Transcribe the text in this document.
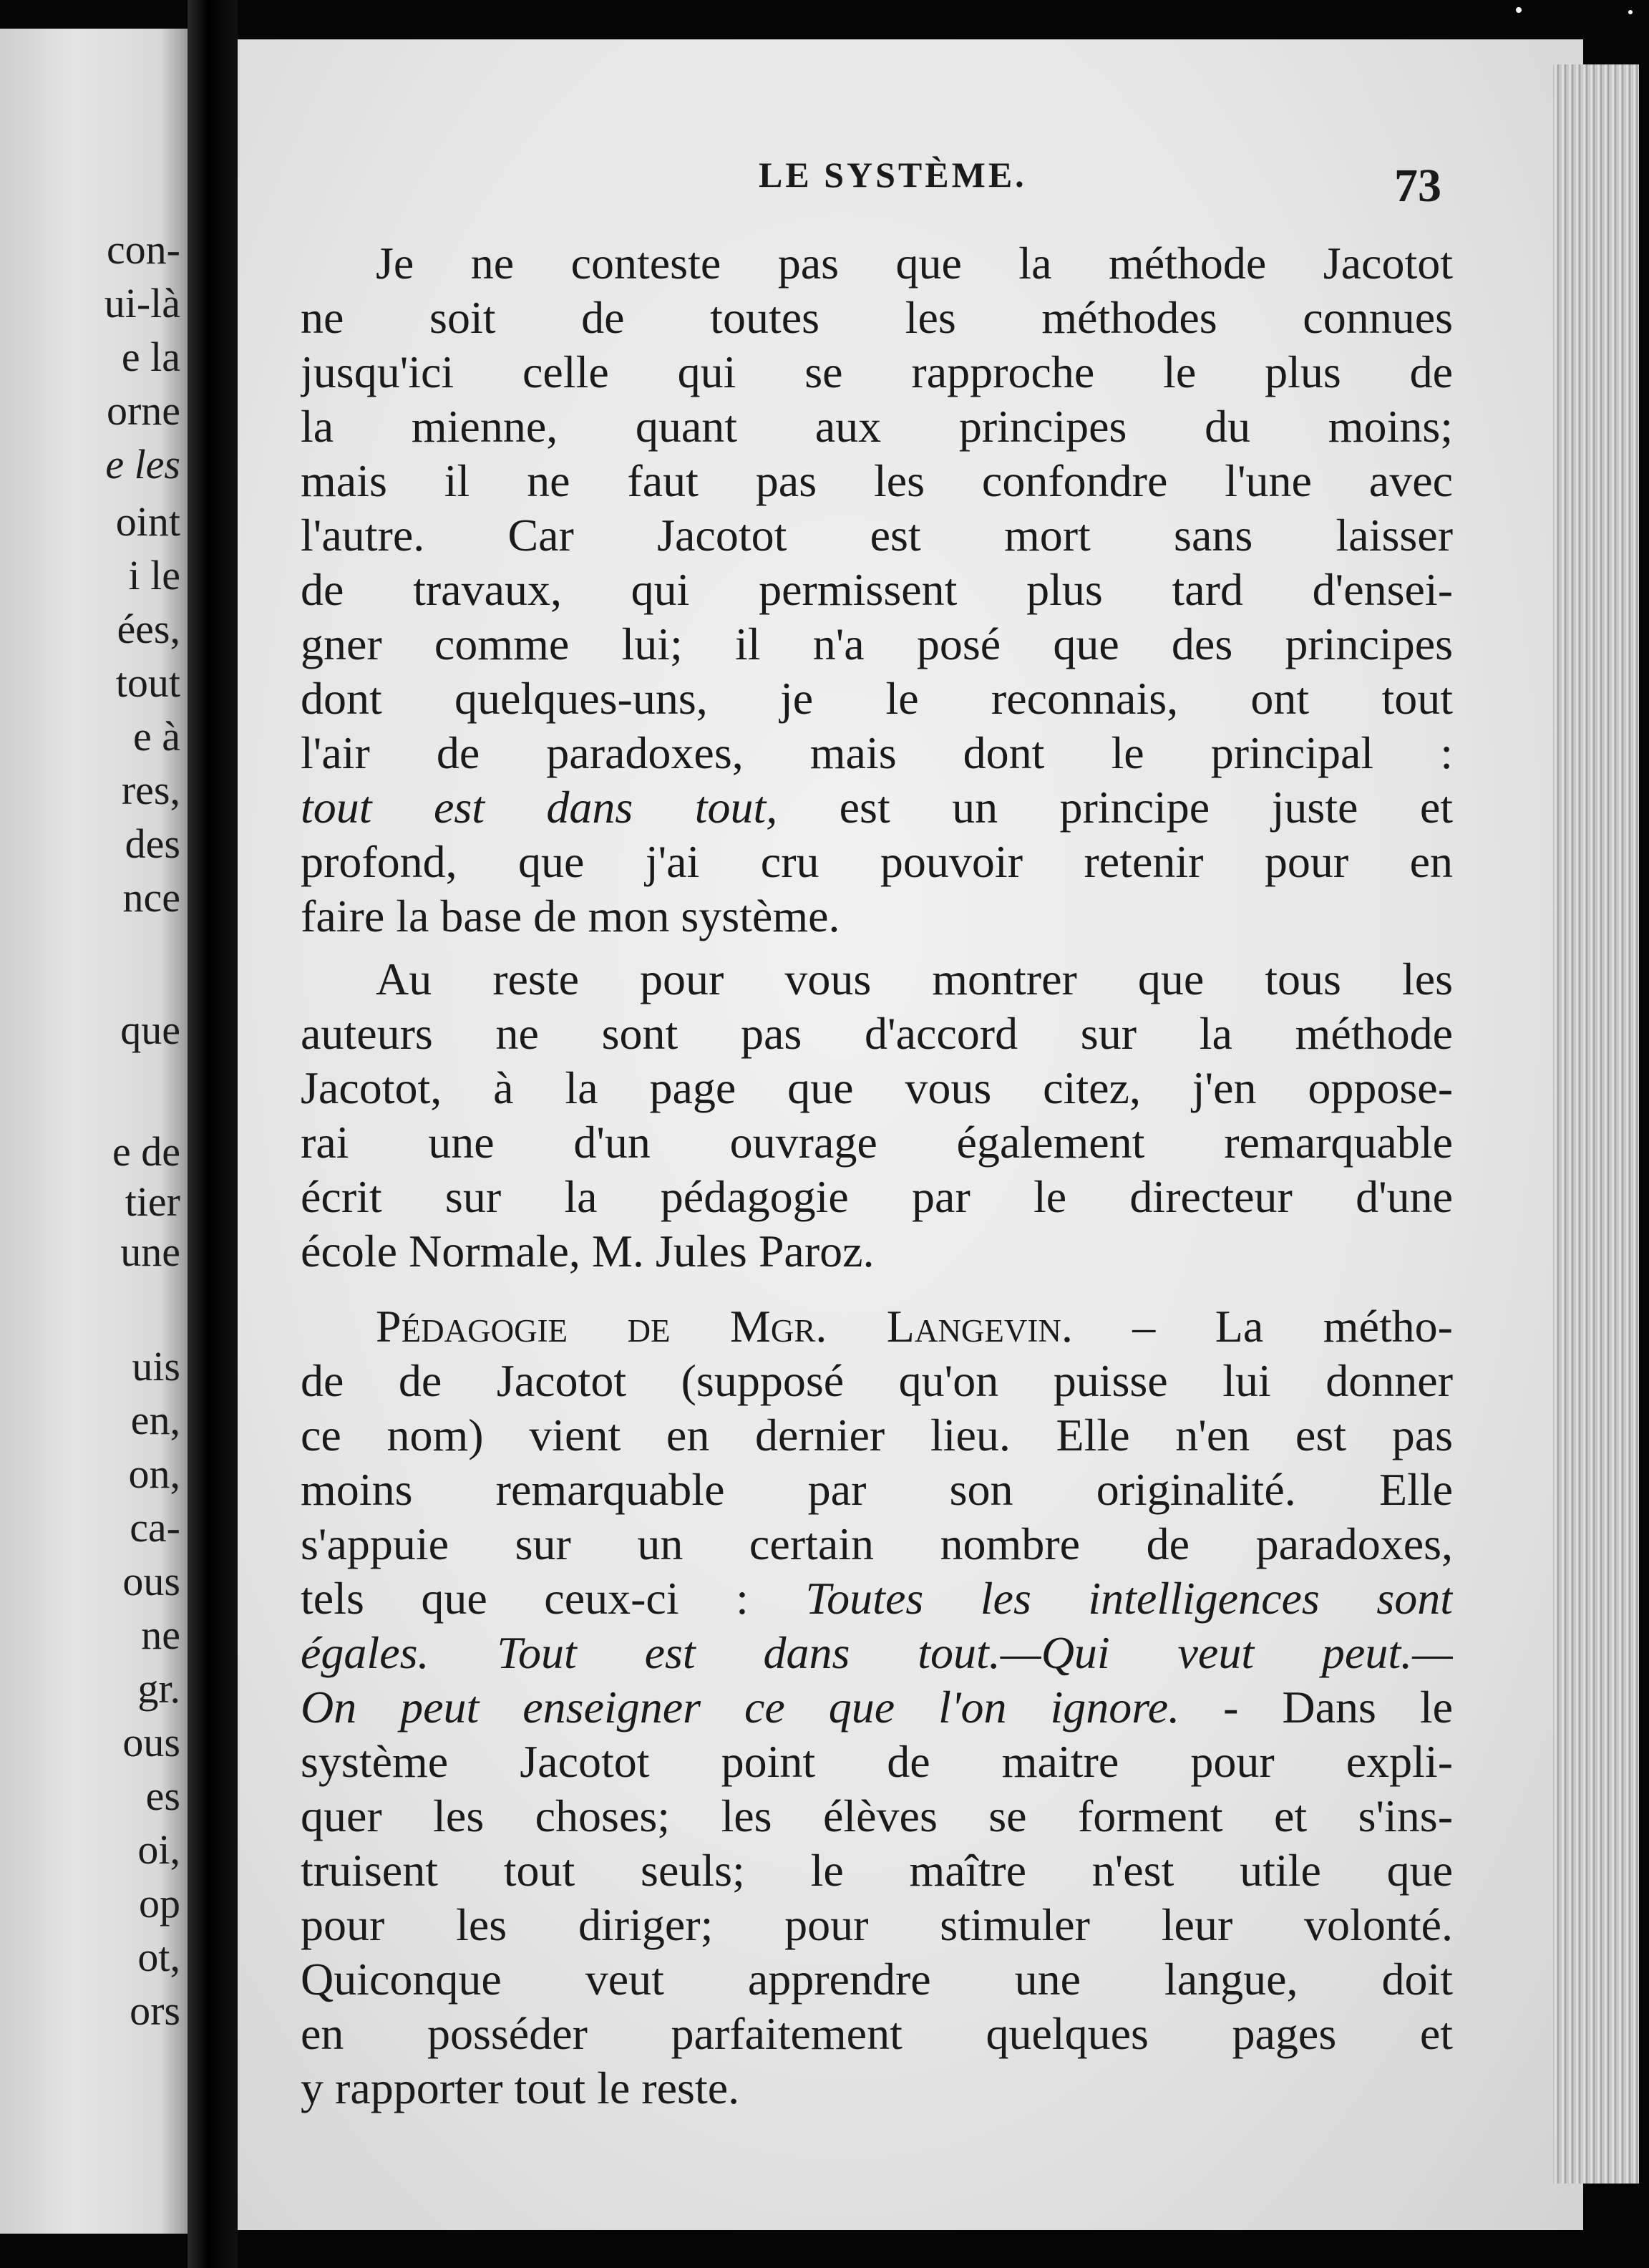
con-
ui-là
e la
orne
e les
oint
i le
ées,
tout
e à
res,
des
nce
que
e de
tier
une
uis
en,
on,
ca-
ous
ne
gr.
ous
es
oi,
op
ot,
ors
LE SYSTÈME.	73
Je ne conteste pas que la méthode Jacotot
ne soit de toutes les méthodes connues
jusqu'ici celle qui se rapproche le plus de
la mienne, quant aux principes du moins;
mais il ne faut pas les confondre l'une avec
l'autre. Car Jacotot est mort sans laisser
de travaux, qui permissent plus tard d'ensei-
gner comme lui; il n'a posé que des principes
dont quelques-uns, je le reconnais, ont tout
l'air de paradoxes, mais dont le principal :
tout est dans tout, est un principe juste et
profond, que j'ai cru pouvoir retenir pour en
faire la base de mon système.
Au reste pour vous montrer que tous les
auteurs ne sont pas d'accord sur la méthode
Jacotot, à la page que vous citez, j'en oppose-
rai une d'un ouvrage également remarquable
écrit sur la pédagogie par le directeur d'une
école Normale, M. Jules Paroz.
Pédagogie de Mgr. Langevin. – La métho-
de de Jacotot (supposé qu'on puisse lui donner
ce nom) vient en dernier lieu. Elle n'en est pas
moins remarquable par son originalité. Elle
s'appuie sur un certain nombre de paradoxes,
tels que ceux-ci : Toutes les intelligences sont
égales. Tout est dans tout.—Qui veut peut.—
On peut enseigner ce que l'on ignore. - Dans le
système Jacotot point de maitre pour expli-
quer les choses; les élèves se forment et s'ins-
truisent tout seuls; le maître n'est utile que
pour les diriger; pour stimuler leur volonté.
Quiconque veut apprendre une langue, doit
en posséder parfaitement quelques pages et
y rapporter tout le reste.
